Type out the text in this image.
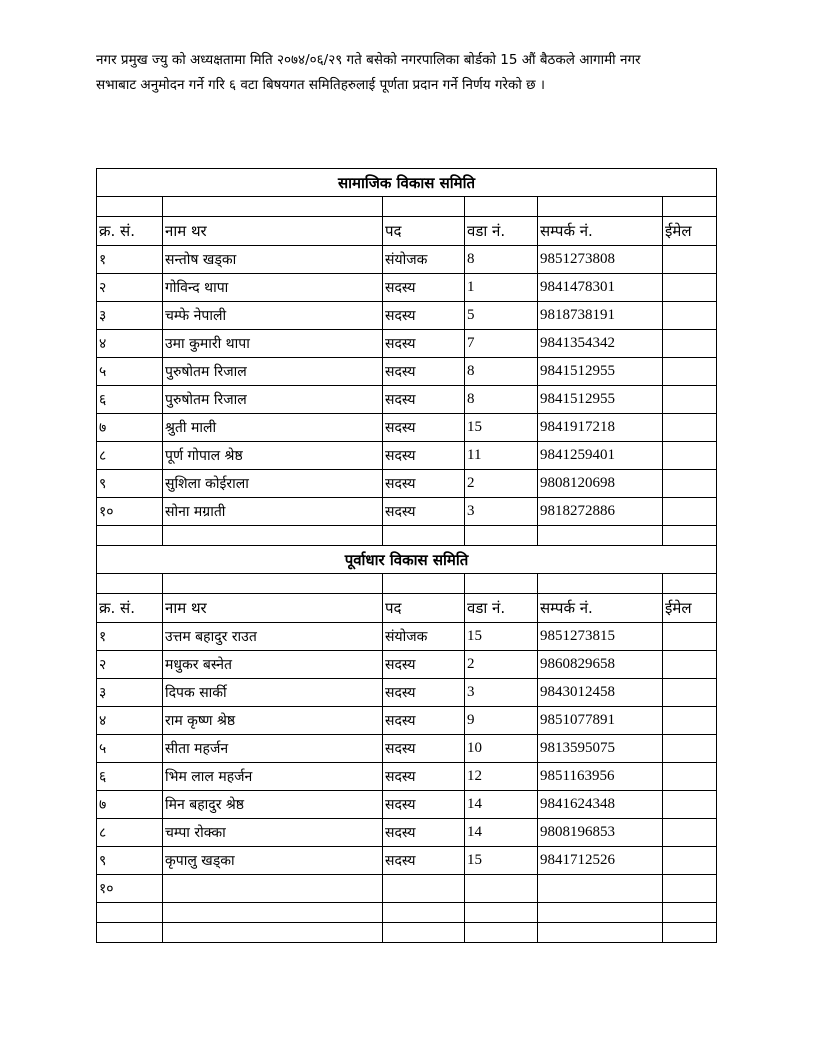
नगर प्रमुख ज्यु को अध्यक्षतामा मिति २०७४/०६/२९ गते बसेको नगरपालिका बोर्डको 15 औं बैठकले आगामी नगर

सभाबाट अनुमोदन गर्ने गरि ६ वटा बिषयगत समितिहरुलाई पूर्णता प्रदान गर्ने निर्णय गरेको छ ।

सामाजिक विकास समिति					

क्र. सं.	नाम थर	पद	वडा नं.	सम्पर्क नं.	ईमेल
१	सन्तोष खड्का	संयोजक	8	9851273808	
२	गोविन्द थापा	सदस्य	1	9841478301	
३	चम्फे नेपाली	सदस्य	5	9818738191	
४	उमा कुमारी थापा	सदस्य	7	9841354342	
५	पुरुषोतम रिजाल	सदस्य	8	9841512955	
६	पुरुषोतम रिजाल	सदस्य	8	9841512955	
७	श्रुती माली	सदस्य	15	9841917218	
८	पूर्ण गोपाल श्रेष्ठ	सदस्य	11	9841259401	
९	सुशिला कोईराला	सदस्य	2	9808120698	
१०	सोना मग्राती	सदस्य	3	9818272886	

पूर्वाधार विकास समिति					

क्र. सं.	नाम थर	पद	वडा नं.	सम्पर्क नं.	ईमेल
१	उत्तम बहादुर राउत	संयोजक	15	9851273815	
२	मधुकर बस्नेत	सदस्य	2	9860829658	
३	दिपक सार्की	सदस्य	3	9843012458	
४	राम कृष्ण श्रेष्ठ	सदस्य	9	9851077891	
५	सीता महर्जन	सदस्य	10	9813595075	
६	भिम लाल महर्जन	सदस्य	12	9851163956	
७	मिन बहादुर श्रेष्ठ	सदस्य	14	9841624348	
८	चम्पा रोक्का	सदस्य	14	9808196853	
९	कृपालु खड्का	सदस्य	15	9841712526	
१०					
